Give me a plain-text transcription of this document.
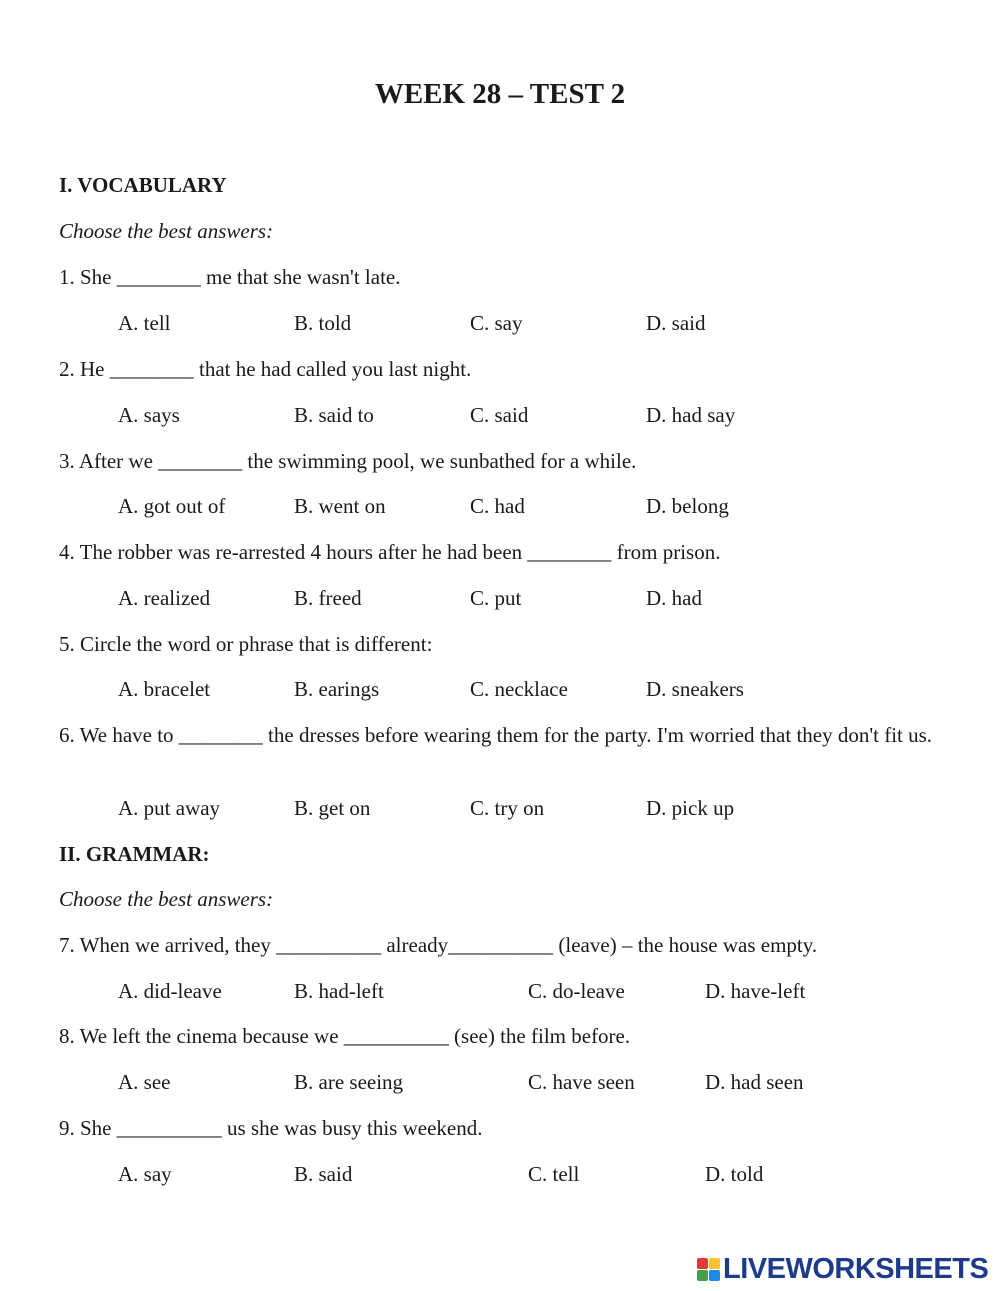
WEEK 28 – TEST 2
I. VOCABULARY
Choose the best answers:
1. She ________ me that she wasn't late.
A. tell	B. told	C. say	D. said
2. He ________ that he had called you last night.
A. says	B. said to	C. said	D. had say
3. After we ________ the swimming pool, we sunbathed for a while.
A. got out of	B. went on	C. had	D. belong
4. The robber was re-arrested 4 hours after he had been ________ from prison.
A. realized	B. freed	C. put	D. had
5. Circle the word or phrase that is different:
A. bracelet	B. earings	C. necklace	D. sneakers
6. We have to ________ the dresses before wearing them for the party. I'm worried that they don't fit us.
A. put away	B. get on	C. try on	D. pick up
II. GRAMMAR:
Choose the best answers:
7. When we arrived, they __________ already__________ (leave) – the house was empty.
A. did-leave	B. had-left	C. do-leave	D. have-left
8. We left the cinema because we __________ (see) the film before.
A. see	B. are seeing	C. have seen	D. had seen
9. She __________ us she was busy this weekend.
A. say	B. said	C. tell	D. told
LIVEWORKSHEETS
